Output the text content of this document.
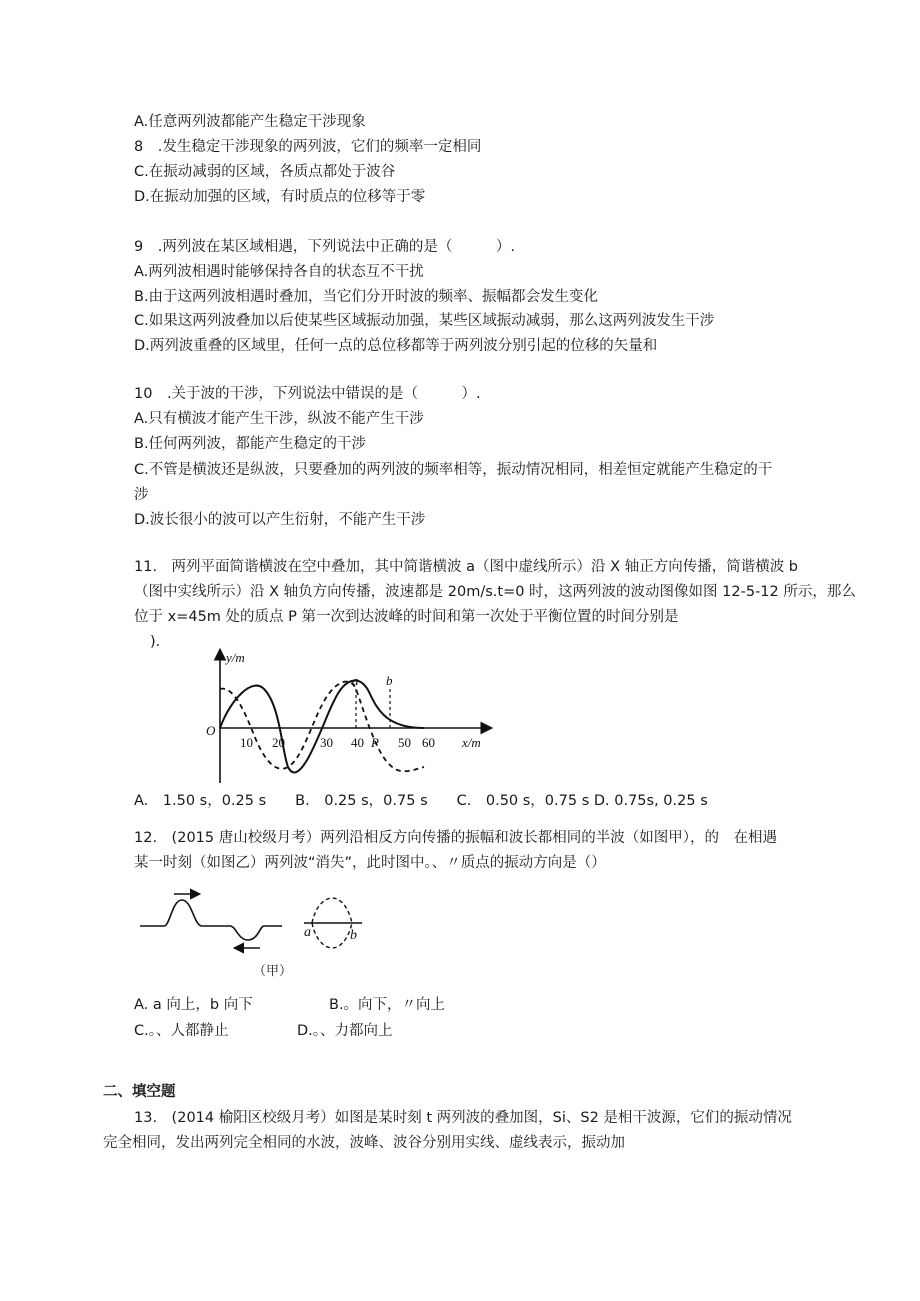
A.任意两列波都能产生稳定干涉现象
8　.发生稳定干涉现象的两列波，它们的频率一定相同
C.在振动减弱的区域，各质点都处于波谷
D.在振动加强的区域，有时质点的位移等于零
9　.两列波在某区域相遇，下列说法中正确的是（　　　）.
A.两列波相遇时能够保持各自的状态互不干扰
B.由于这两列波相遇时叠加，当它们分开时波的频率、振幅都会发生变化
C.如果这两列波叠加以后使某些区域振动加强，某些区域振动减弱，那么这两列波发生干涉
D.两列波重叠的区域里，任何一点的总位移都等于两列波分别引起的位移的矢量和
10　.关于波的干涉，下列说法中错误的是（　　　）.
A.只有横波才能产生干涉，纵波不能产生干涉
B.任何两列波，都能产生稳定的干涉
C.不管是横波还是纵波，只要叠加的两列波的频率相等，振动情况相同，相差恒定就能产生稳定的干
涉
D.波长很小的波可以产生衍射，不能产生干涉
11.　两列平面简谐横波在空中叠加，其中简谐横波 a（图中虚线所示）沿 X 轴正方向传播，简谐横波 b
（图中实线所示）沿 X 轴负方向传播，波速都是 20m∕s.t=0 时，这两列波的波动图像如图 12-5-12 所示，那么
位于 x=45m 处的质点 P 第一次到达波峰的时间和第一次处于平衡位置的时间分别是
)．
y/m
x/m
O
a b
10 20	30 40 P 50 60
A.　1.50 s，0.25 s　　B.　0.25 s，0.75 s　　C.　0.50 s，0.75 s D. 0.75s, 0.25 s
12.　(2015 唐山校级月考）两列沿相反方向传播的振幅和波长都相同的半波（如图甲），的　在相遇
某一时刻（如图乙）两列波“消失”，此时图中。、〃质点的振动方向是（）
（甲）
a	b
A. a 向上，b 向下	B.。向下，〃向上
C.。、人都静止	D.。、力都向上
二、填空题
13.　(2014 榆阳区校级月考）如图是某时刻 t 两列波的叠加图，Si、S2 是相干波源，它们的振动情况
完全相同，发出两列完全相同的水波，波峰、波谷分别用实线、虚线表示，振动加
